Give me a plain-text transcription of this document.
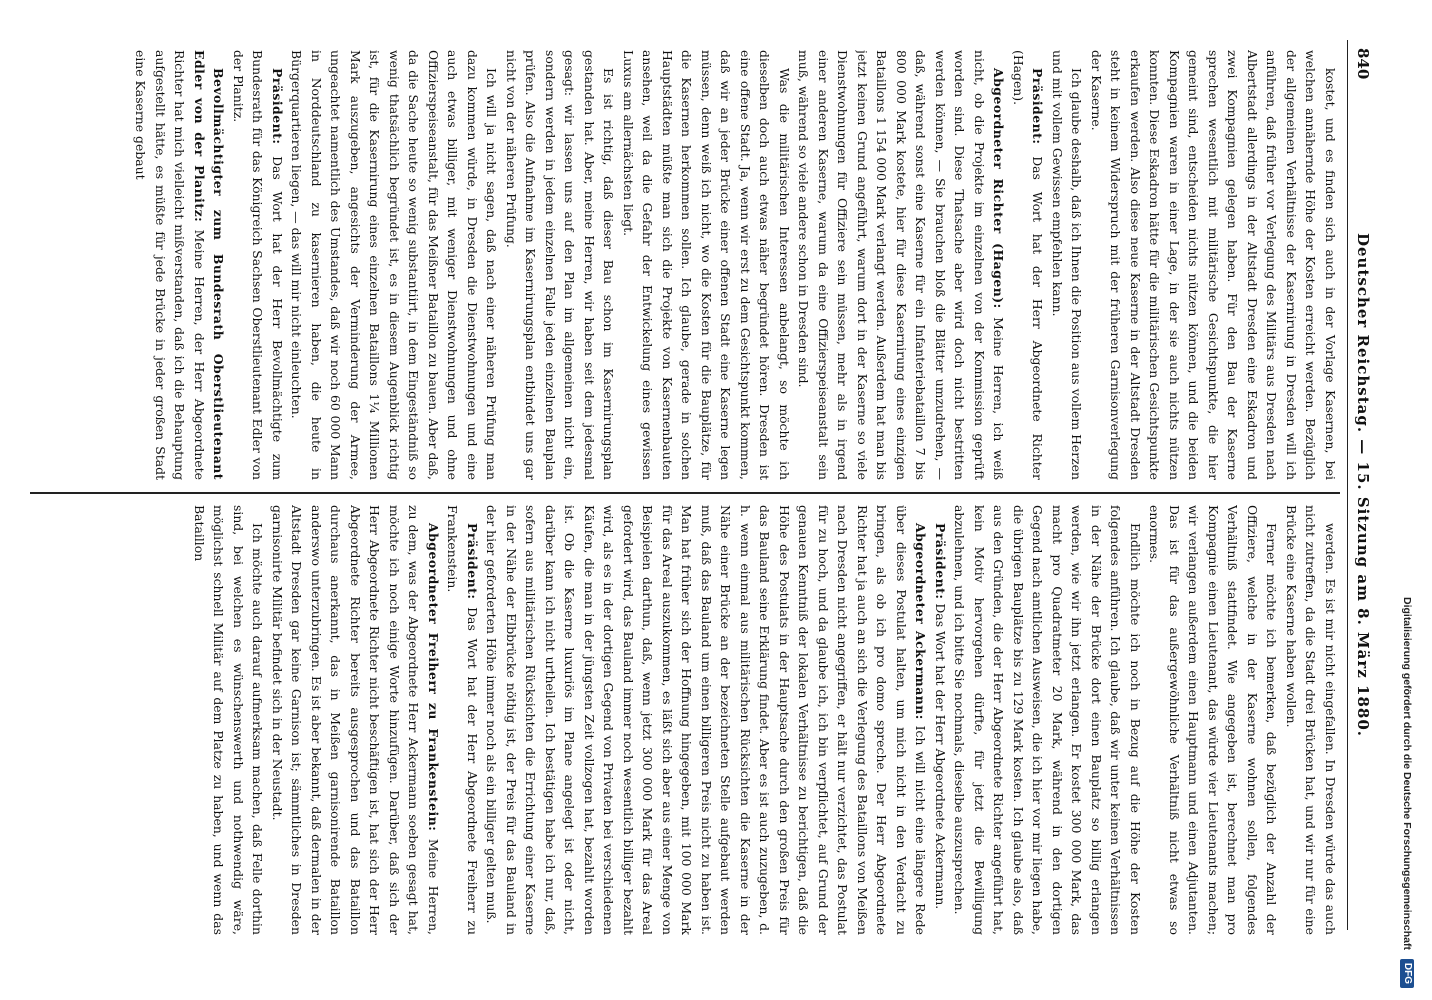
840
Deutscher Reichstag. — 15. Sitzung am 8. März 1880.

kostet, und es finden sich auch in der Vorlage Kasernen, bei welchen annähernde Höhe der Kosten erreicht werden. Bezüglich der allgemeinen Verhältnisse der Kasernirung in Dresden will ich anführen, daß früher vor Verlegung des Militärs aus Dresden nach Albertstadt allerdings in der Altstadt Dresden eine Eskadron und zwei Kompagnien gelegen haben. Für den Bau der Kaserne sprechen wesentlich mit militärische Gesichtspunkte, die hier gemeint sind, entscheiden nichts nützen können, und die beiden Kompagnien waren in einer Lage, in der sie auch nichts nützen konnten. Diese Eskadron hätte für die militärischen Gesichtspunkte erkaufen werden. Also diese neue Kaserne in der Altstadt Dresden steht in keinem Widerspruch mit der früheren Garnisonverlegung der Kaserne.

Ich glaube deshalb, daß ich Ihnen die Position aus vollem Herzen und mit vollem Gewissen empfehlen kann.

Präsident: Das Wort hat der Herr Abgeordnete Richter (Hagen).

Abgeordneter Richter (Hagen): Meine Herren, ich weiß nicht, ob die Projekte im einzelnen von der Kommission geprüft worden sind. Diese Thatsache aber wird doch nicht bestritten werden können, — Sie brauchen bloß die Blätter umzudrehen, — daß, während sonst eine Kaserne für ein Infanteriebataillon 7 bis 800 000 Mark kostete, hier für diese Kasernirung eines einzigen Bataillons 1 154 000 Mark verlangt werden. Außerdem hat man bis jetzt keinen Grund angeführt, warum dort in der Kaserne so viele Dienstwohnungen für Offiziere sein müssen, mehr als in irgend einer anderen Kaserne, warum da eine Offizierspeiseanstalt sein muß, während so viele andere schon in Dresden sind.

Was die militärischen Interessen anbelangt, so möchte ich dieselben doch auch etwas näher begründet hören. Dresden ist eine offene Stadt. Ja, wenn wir erst zu dem Gesichtspunkt kommen, daß wir an jeder Brücke einer offenen Stadt eine Kaserne legen müssen, denn weiß ich nicht, wo die Kosten für die Bauplätze, für die Kasernen herkommen sollen. Ich glaube, gerade in solchen Hauptstädten müßte man sich die Projekte von Kasernenbauten ansehen, weil da die Gefahr der Entwickelung eines gewissen Luxus am allernächsten liegt.

Es ist richtig, daß dieser Bau schon im Kasernirungsplan gestanden hat. Aber, meine Herren, wir haben seit dem jedesmal gesagt: wir lassen uns auf den Plan im allgemeinen nicht ein, sondern werden in jedem einzelnen Falle jeden einzelnen Bauplan prüfen. Also die Aufnahme im Kasernirungsplan entbindet uns gar nicht von der näheren Prüfung.

Ich will ja nicht sagen, daß nach einer näheren Prüfung man dazu kommen würde, in Dresden die Dienstwohnungen und eine auch etwas billiger, mit weniger Dienstwohnungen und ohne Offizierspeiseanstalt, für das Meißner Bataillon zu bauen. Aber daß, da die Sache heute so wenig substantiirt, in dem Eingeständniß so wenig thatsächlich begründet ist, es in diesem Augenblick richtig ist, für die Kasernirung eines einzelnen Bataillons 1¼ Millionen Mark auszugeben, angesichts der Verminderung der Armee, ungeachtet namentlich des Umstandes, daß wir noch 60 000 Mann in Norddeutschland zu kasernieren haben, die heute in Bürgerquartieren liegen, — das will mir nicht einleuchten.

Präsident: Das Wort hat der Herr Bevollmächtigte zum Bundesrath für das Königreich Sachsen Oberstlieutenant Edler von der Planitz.

Bevollmächtigter zum Bundesrath Oberstlieutenant Edler von der Planitz: Meine Herren, der Herr Abgeordnete Richter hat mich vielleicht mißverstanden, daß ich die Behauptung aufgestellt hätte, es müßte für jede Brücke in jeder großen Stadt eine Kaserne gebaut

werden. Es ist mir nicht eingefallen. In Dresden würde das auch nicht zutreffen, da die Stadt drei Brücken hat, und wir nur für eine Brücke eine Kaserne haben wollen.

Ferner möchte ich bemerken, daß bezüglich der Anzahl der Offiziere, welche in der Kaserne wohnen sollen, folgendes Verhältniß stattfindet. Wie angegeben ist, berechnet man pro Kompagnie einen Lieutenant, das würde vier Lieutenants machen; wir verlangen außerdem einen Hauptmann und einen Adjutanten. Das ist für das außergewöhnliche Verhältniß nicht etwas so enormes.

Endlich möchte ich noch in Bezug auf die Höhe der Kosten folgendes anführen. Ich glaube, daß wir unter keinen Verhältnissen in der Nähe der Brücke dort einen Bauplatz so billig erlangen werden, wie wir ihn jetzt erlangen. Er kostet 300 000 Mark, das macht pro Quadratmeter 20 Mark, während in den dortigen Gegend nach amtlichen Ausweisen, die ich hier vor mir liegen habe, die übrigen Bauplätze bis zu 129 Mark kosten. Ich glaube also, daß aus den Gründen, die der Herr Abgeordnete Richter angeführt hat, kein Motiv hervorgehen dürfte, für jetzt die Bewilligung abzulehnen, und ich bitte Sie nochmals, dieselbe auszusprechen.

Präsident: Das Wort hat der Herr Abgeordnete Ackermann.

Abgeordneter Ackermann: Ich will nicht eine längere Rede über dieses Postulat halten, um mich nicht in den Verdacht zu bringen, als ob ich pro domo spreche. Der Herr Abgeordnete Richter hat ja auch an sich die Verlegung des Bataillons von Meißen nach Dresden nicht angegriffen, er hält nur verzichtet, das Postulat für zu hoch, und da glaube ich, ich bin verpflichtet, auf Grund der genauen Kenntniß der lokalen Verhältnisse zu berichtigen, daß die Höhe des Postulats in der Hauptsache durch den großen Preis für das Bauland seine Erklärung findet. Aber es ist auch zuzugeben, d. h. wenn einmal aus militärischen Rücksichten die Kaserne in der Nähe einer Brücke an der bezeichneten Stelle aufgebaut werden muß, daß das Bauland um einen billigeren Preis nicht zu haben ist. Man hat früher sich der Hoffnung hingegeben, mit 100 000 Mark für das Areal auszukommen, es läßt sich aber aus einer Menge von Beispielen darthun, daß, wenn jetzt 300 000 Mark für das Areal gefordert wird, das Bauland immer noch wesentlich billiger bezahlt wird, als es in der dortigen Gegend von Privaten bei verschiedenen Käufen, die man in der jüngsten Zeit vollzogen hat, bezahlt worden ist. Ob die Kaserne luxuriös im Plane angelegt ist oder nicht, darüber kann ich nicht urtheilen. Ich bestätigen habe ich nur, daß, sofern aus militärischen Rücksichten die Errichtung einer Kaserne in der Nähe der Elbbrücke nöthig ist, der Preis für das Bauland in der hier geforderten Höhe immer noch als ein billiger gelten muß.

Präsident: Das Wort hat der Herr Abgeordnete Freiherr zu Frankenstein.

Abgeordneter Freiherr zu Frankenstein: Meine Herren, zu dem, was der Abgeordnete Herr Ackermann soeben gesagt hat, möchte ich noch einige Worte hinzufügen. Darüber, daß sich der Herr Abgeordnete Richter nicht beschäftigen ist, hat sich der Herr Abgeordnete Richter bereits ausgesprochen und das Bataillon durchaus anerkannt, das in Meißen garnisonirende Bataillon anderswo unterzubringen. Es ist aber bekannt, daß dermalen in der Altstadt Dresden gar keine Garnison ist; sämmtliches in Dresden garnisonirte Militär befindet sich in der Neustadt.

Ich möchte auch darauf aufmerksam machen, daß Felle dorthin sind, bei welchen es wünschenswerth und nothwendig wäre, möglichst schnell Militär auf dem Platze zu haben, und wenn das Bataillon

Digitalisierung gefördert durch die Deutsche Forschungsgemeinschaft DFG
